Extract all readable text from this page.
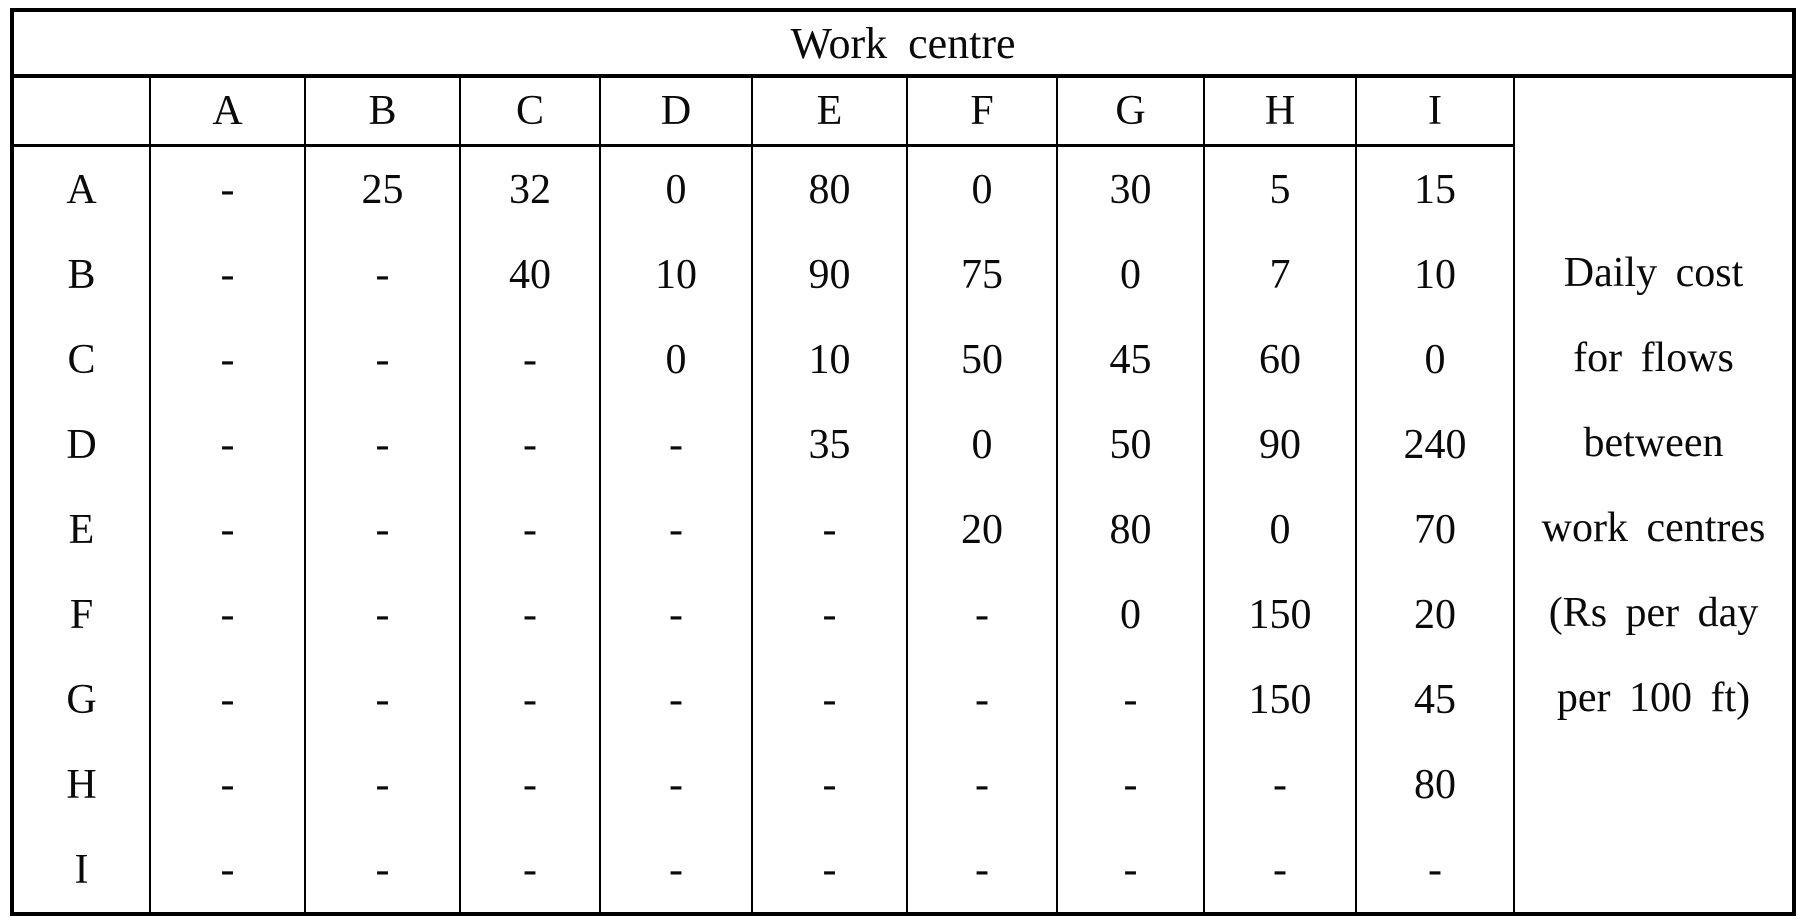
Work centre										
	A	B	C	D	E	F	G	H	I	
Daily cost
for flows
between
work centres
(Rs per day
per 100 ft)

A	-	25	32	0	80	0	30	5	15	
B	-	-	40	10	90	75	0	7	10	
C	-	-	-	0	10	50	45	60	0	
D	-	-	-	-	35	0	50	90	240	
E	-	-	-	-	-	20	80	0	70	
F	-	-	-	-	-	-	0	150	20	
G	-	-	-	-	-	-	-	150	45	
H	-	-	-	-	-	-	-	-	80	
I	-	-	-	-	-	-	-	-	-	
